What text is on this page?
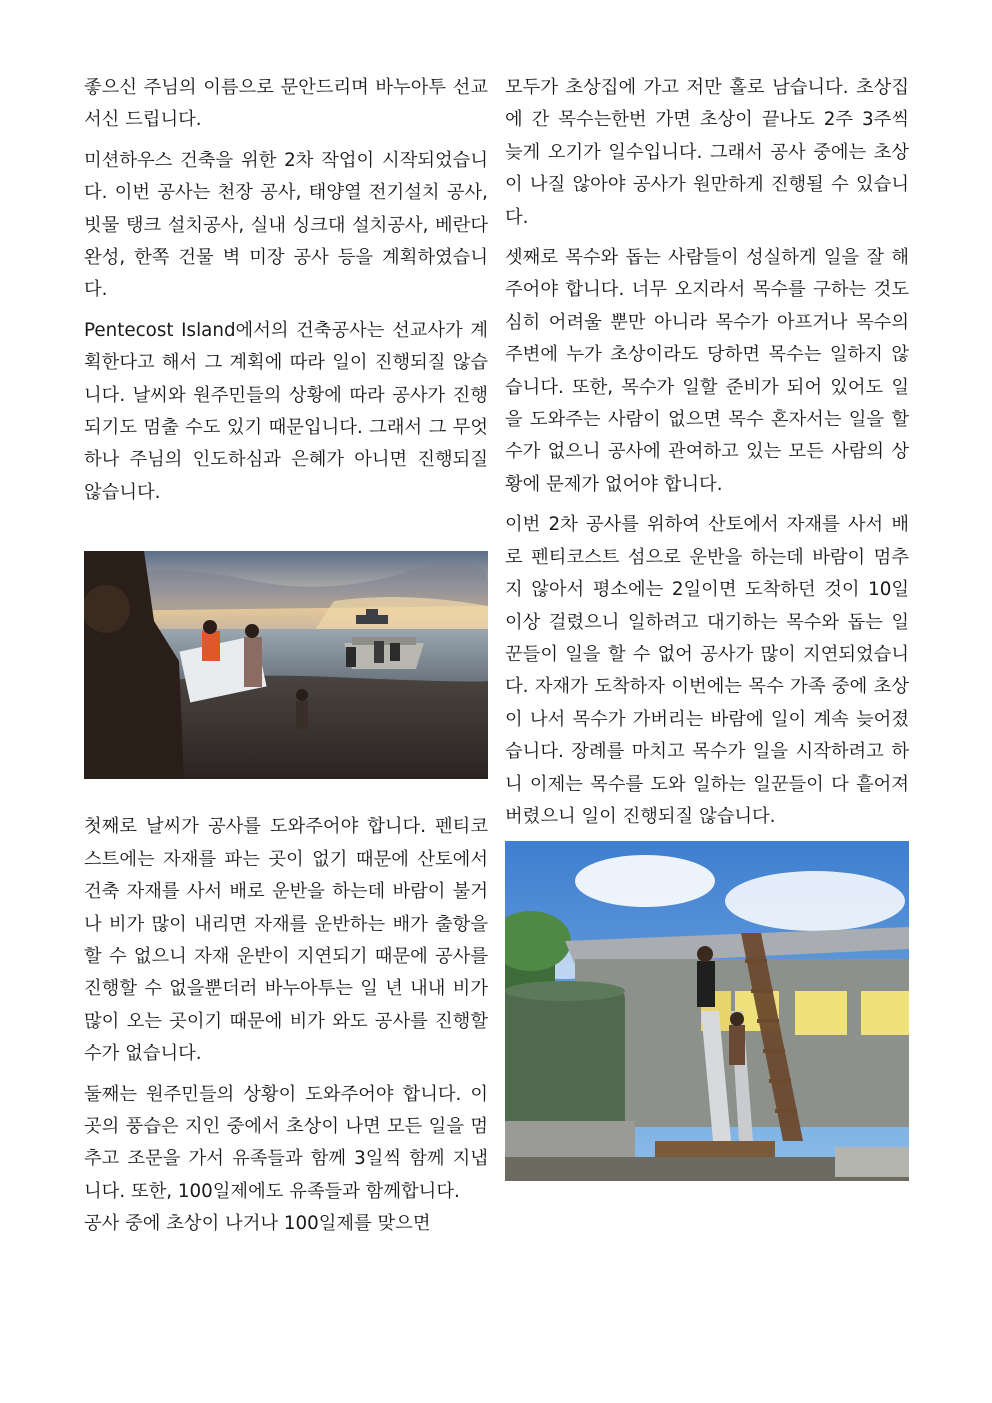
좋으신 주님의 이름으로 문안드리며 바누아투 선교 서신 드립니다.

미션하우스 건축을 위한 2차 작업이 시작되었습니다. 이번 공사는 천장 공사, 태양열 전기설치 공사, 빗물 탱크 설치공사, 실내 싱크대 설치공사, 베란다 완성, 한쪽 건물 벽 미장 공사 등을 계획하였습니다.

Pentecost Island에서의 건축공사는 선교사가 계획한다고 해서 그 계획에 따라 일이 진행되질 않습니다. 날씨와 원주민들의 상황에 따라 공사가 진행되기도 멈출 수도 있기 때문입니다. 그래서 그 무엇하나 주님의 인도하심과 은혜가 아니면 진행되질 않습니다.

첫째로 날씨가 공사를 도와주어야 합니다. 펜티코스트에는 자재를 파는 곳이 없기 때문에 산토에서 건축 자재를 사서 배로 운반을 하는데 바람이 불거나 비가 많이 내리면 자재를 운반하는 배가 출항을 할 수 없으니 자재 운반이 지연되기 때문에 공사를 진행할 수 없을뿐더러 바누아투는 일 년 내내 비가 많이 오는 곳이기 때문에 비가 와도 공사를 진행할 수가 없습니다.

둘째는 원주민들의 상황이 도와주어야 합니다. 이곳의 풍습은 지인 중에서 초상이 나면 모든 일을 멈추고 조문을 가서 유족들과 함께 3일씩 함께 지냅니다. 또한, 100일제에도 유족들과 함께합니다.

공사 중에 초상이 나거나 100일제를 맞으면

모두가 초상집에 가고 저만 홀로 남습니다. 초상집에 간 목수는한번 가면 초상이 끝나도 2주 3주씩 늦게 오기가 일수입니다. 그래서 공사 중에는 초상이 나질 않아야 공사가 원만하게 진행될 수 있습니다.

셋째로 목수와 돕는 사람들이 성실하게 일을 잘 해주어야 합니다. 너무 오지라서 목수를 구하는 것도 심히 어려울 뿐만 아니라 목수가 아프거나 목수의 주변에 누가 초상이라도 당하면 목수는 일하지 않습니다. 또한, 목수가 일할 준비가 되어 있어도 일을 도와주는 사람이 없으면 목수 혼자서는 일을 할 수가 없으니 공사에 관여하고 있는 모든 사람의 상황에 문제가 없어야 합니다.

이번 2차 공사를 위하여 산토에서 자재를 사서 배로 펜티코스트 섬으로 운반을 하는데 바람이 멈추지 않아서 평소에는 2일이면 도착하던 것이 10일 이상 걸렸으니 일하려고 대기하는 목수와 돕는 일꾼들이 일을 할 수 없어 공사가 많이 지연되었습니다. 자재가 도착하자 이번에는 목수 가족 중에 초상이 나서 목수가 가버리는 바람에 일이 계속 늦어졌습니다. 장례를 마치고 목수가 일을 시작하려고 하니 이제는 목수를 도와 일하는 일꾼들이 다 흩어져버렸으니 일이 진행되질 않습니다.
